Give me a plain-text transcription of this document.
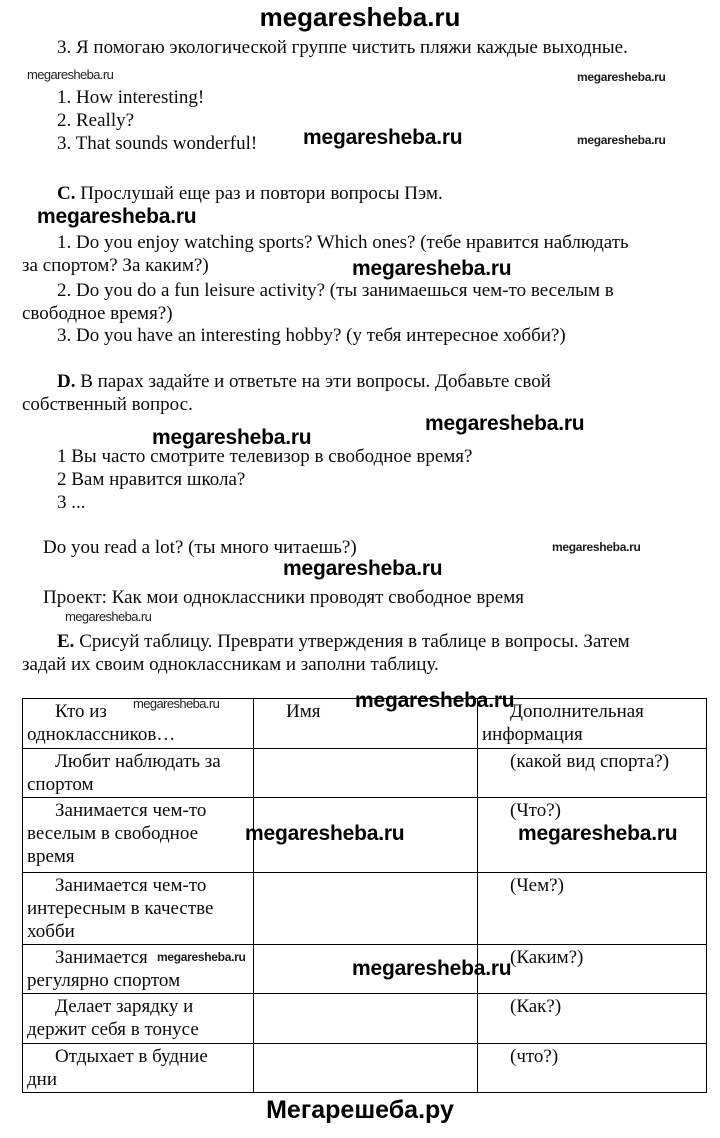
megaresheba.ru
3. Я помогаю экологической группе чистить пляжи каждые выходные.
megaresheba.ru	megaresheba.ru
1. How interesting!
2. Really?
3. That sounds wonderful!	megaresheba.ru	megaresheba.ru
C. Прослушай еще раз и повтори вопросы Пэм.
megaresheba.ru
1. Do you enjoy watching sports? Which ones? (тебе нравится наблюдать
за спортом? За каким?)	megaresheba.ru
2. Do you do a fun leisure activity? (ты занимаешься чем-то веселым в
свободное время?)
3. Do you have an interesting hobby? (у тебя интересное хобби?)
D. В парах задайте и ответьте на эти вопросы. Добавьте свой
собственный вопрос.
megaresheba.ru
megaresheba.ru
1 Вы часто смотрите телевизор в свободное время?
2 Вам нравится школа?
3 ...
Do you read a lot? (ты много читаешь?)	megaresheba.ru
megaresheba.ru
Проект: Как мои одноклассники проводят свободное время
megaresheba.ru
E. Срисуй таблицу. Преврати утверждения в таблице в вопросы. Затем
задай их своим одноклассникам и заполни таблицу.
Кто из
одноклассников…

Имя	Дополнительная
информация

Любит наблюдать за
спортом		(какой вид спорта?)

Занимается чем-то
веселым в свободное
время		(Что?)

Занимается чем-то
интересным в качестве
хобби		(Чем?)

Занимается
регулярно спортом		(Каким?)

Делает зарядку и
держит себя в тонусе		(Как?)

Отдыхает в будние
дни		(что?)
megaresheba.ru	megaresheba.ru
megaresheba.ru	megaresheba.ru
megaresheba.ru	megaresheba.ru
Мегарешеба.ру
